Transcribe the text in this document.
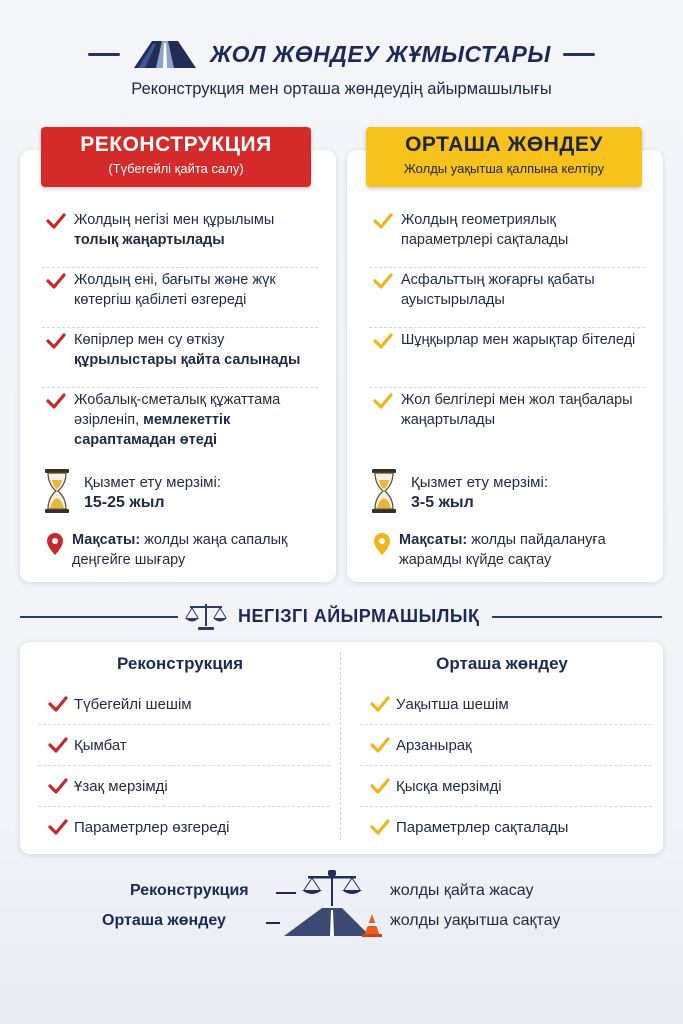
ЖОЛ ЖӨНДЕУ ЖҰМЫСТАРЫ
Реконструкция мен орташа жөндеудің айырмашылығы
Жолдың негізі мен құрылымы толық жаңартылады
Жолдың ені, бағыты және жүк көтергіш қабілеті өзгереді
Көпірлер мен су өткізу құрылыстары қайта салынады
Жобалық-сметалық құжаттама әзірленіп, мемлекеттік сараптамадан өтеді
Қызмет ету мерзімі:
15-25 жыл
Мақсаты: жолды жаңа сапалық деңгейге шығару
РЕКОНСТРУКЦИЯ
(Түбегейлі қайта салу)
Жолдың геометриялық параметрлері сақталады
Асфальттың жоғарғы қабаты ауыстырылады
Шұңқырлар мен жарықтар бітеледі
Жол белгілері мен жол таңбалары жаңартылады
Қызмет ету мерзімі:
3-5 жыл
Мақсаты: жолды пайдалануға жарамды күйде сақтау
ОРТАША ЖӨНДЕУ
Жолды уақытша қалпына келтіру
НЕГІЗГІ АЙЫРМАШЫЛЫҚ
Реконструкция
Түбегейлі шешім
Қымбат
Ұзақ мерзімді
Параметрлер өзгереді
Орташа жөндеу
Уақытша шешім
Арзанырақ
Қысқа мерзімді
Параметрлер сақталады
Реконструкция	жолды қайта жасау
Орташа жөндеу	жолды уақытша сақтау
